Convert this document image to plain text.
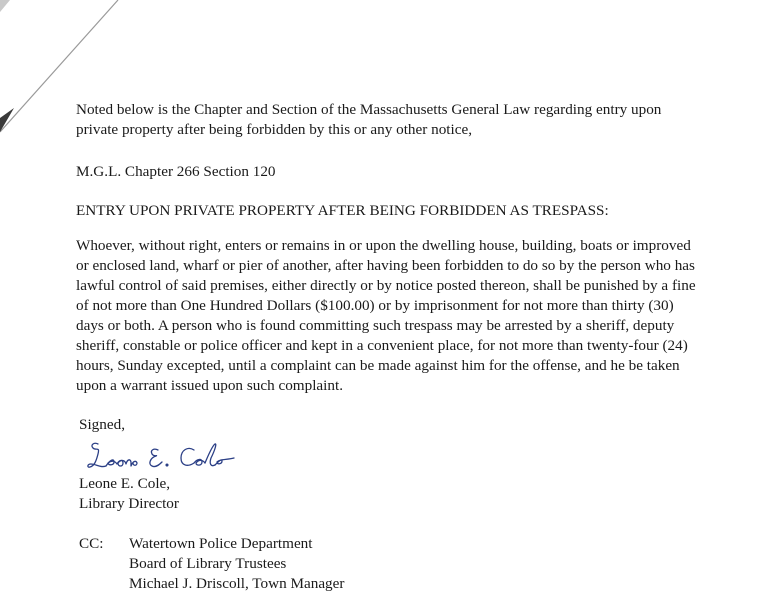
Noted below is the Chapter and Section of the Massachusetts General Law regarding entry upon
private property after being forbidden by this or any other notice,
M.G.L. Chapter 266 Section 120
ENTRY UPON PRIVATE PROPERTY AFTER BEING FORBIDDEN AS TRESPASS:
Whoever, without right, enters or remains in or upon the dwelling house, building, boats or improved
or enclosed land, wharf or pier of another, after having been forbidden to do so by the person who has
lawful control of said premises, either directly or by notice posted thereon, shall be punished by a fine
of not more than One Hundred Dollars ($100.00) or by imprisonment for not more than thirty (30)
days or both. A person who is found committing such trespass may be arrested by a sheriff, deputy
sheriff, constable or police officer and kept in a convenient place, for not more than twenty-four (24)
hours, Sunday excepted, until a complaint can be made against him for the offense, and he be taken
upon a warrant issued upon such complaint.
Signed,
Leone E. Cole,
Library Director
CC: Watertown Police Department
Board of Library Trustees
Michael J. Driscoll, Town Manager
